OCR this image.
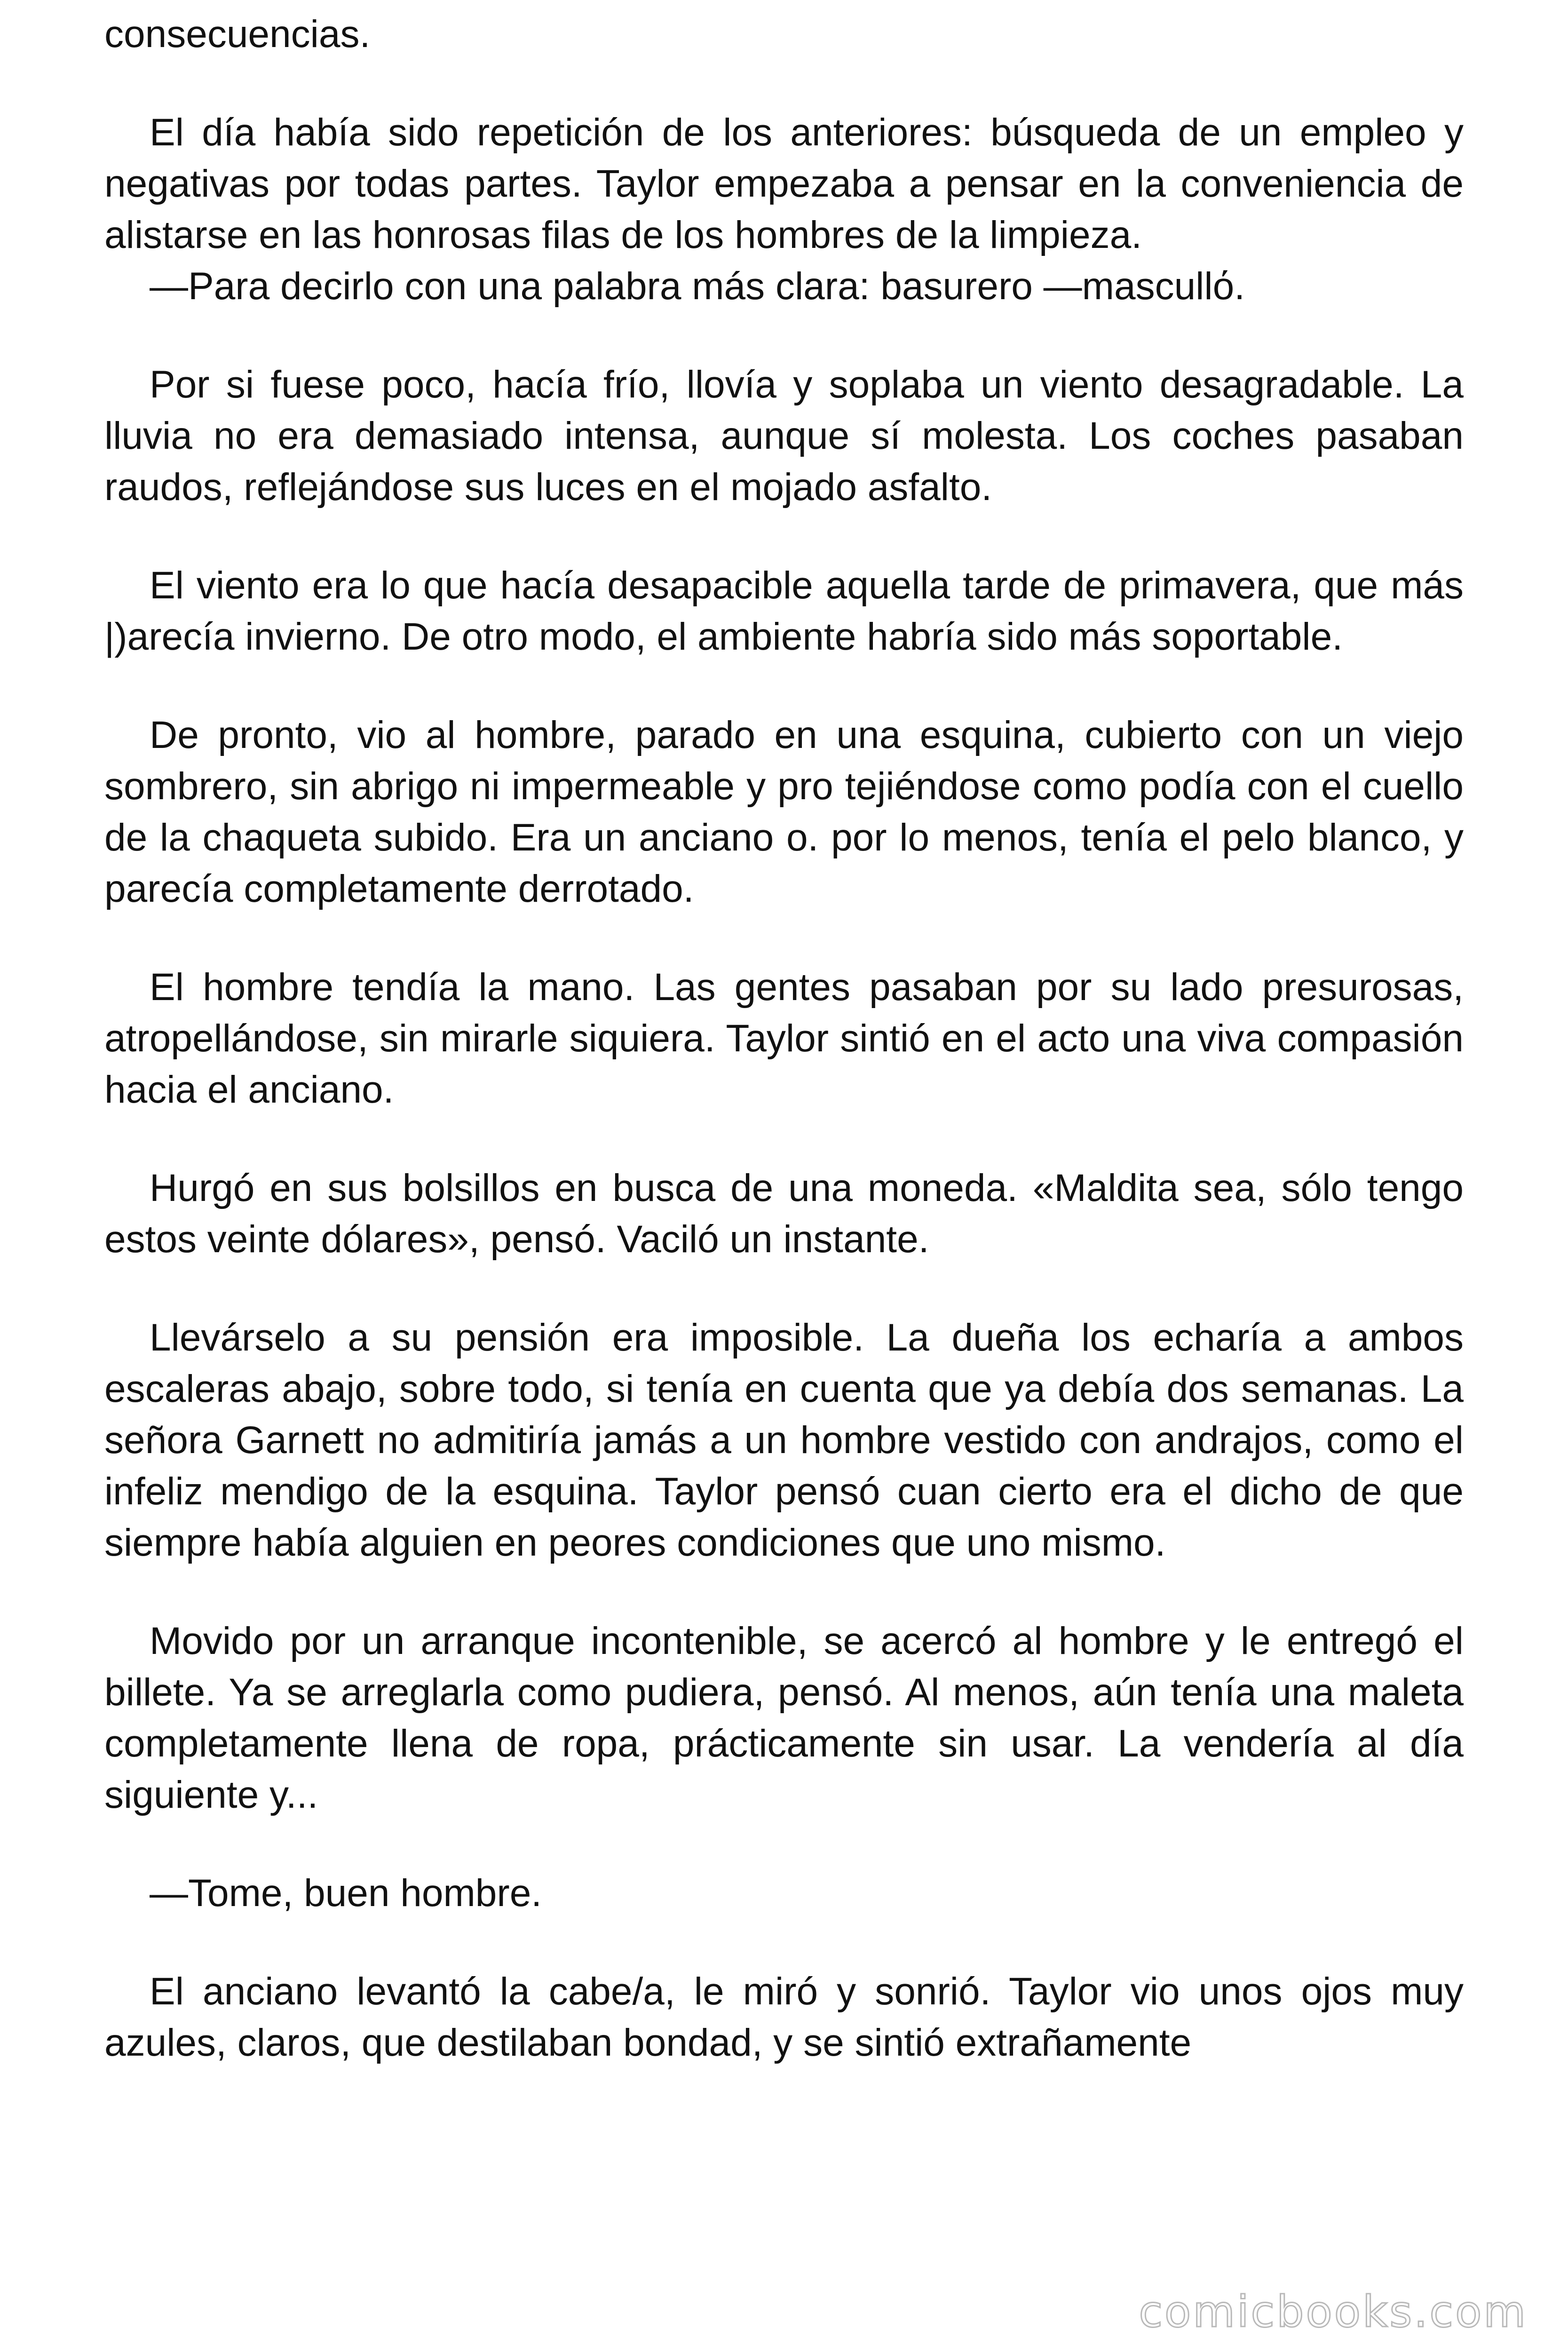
consecuencias.

El día había sido repetición de los anteriores: búsqueda de un empleo y negativas por todas partes. Taylor empezaba a pensar en la conveniencia de alistarse en las honrosas filas de los hombres de la limpieza.

—Para decirlo con una palabra más clara: basurero —mascullό.

Por si fuese poco, hacía frío, llovía y soplaba un viento desagradable. La lluvia no era demasiado intensa, aunque sí molesta. Los coches pasaban raudos, reflejándose sus luces en el mojado asfalto.

El viento era lo que hacía desapacible aquella tarde de primavera, que más |)arecía invierno. De otro modo, el ambiente habría sido más soportable.

De pronto, vio al hombre, parado en una esquina, cubierto con un viejo sombrero, sin abrigo ni impermeable y pro tejiéndose como podía con el cuello de la chaqueta subido. Era un anciano o. por lo menos, tenía el pelo blanco, y parecía completamente derrotado.

El hombre tendía la mano. Las gentes pasaban por su lado presurosas, atropellándose, sin mirarle siquiera. Taylor sintió en el acto una viva compasión hacia el anciano.

Hurgó en sus bolsillos en busca de una moneda. «Maldita sea, sólo tengo estos veinte dólares», pensó. Vaciló un instante.

Llevárselo a su pensión era imposible. La dueña los echaría a ambos escaleras abajo, sobre todo, si tenía en cuenta que ya debía dos semanas. La señora Garnett no admitiría jamás a un hombre vestido con andrajos, como el infeliz mendigo de la esquina. Taylor pensó cuan cierto era el dicho de que siempre había alguien en peores condiciones que uno mismo.

Movido por un arranque incontenible, se acercó al hombre y le entregó el billete. Ya se arreglarla como pudiera, pensó. Al menos, aún tenía una maleta completamente llena de ropa, prácticamente sin usar. La vendería al día siguiente y...

—Tome, buen hombre.

El anciano levantó la cabe/a, le miró y sonrió. Taylor vio unos ojos muy azules, claros, que destilaban bondad, y se sintió extrañamente

comicbooks.com
